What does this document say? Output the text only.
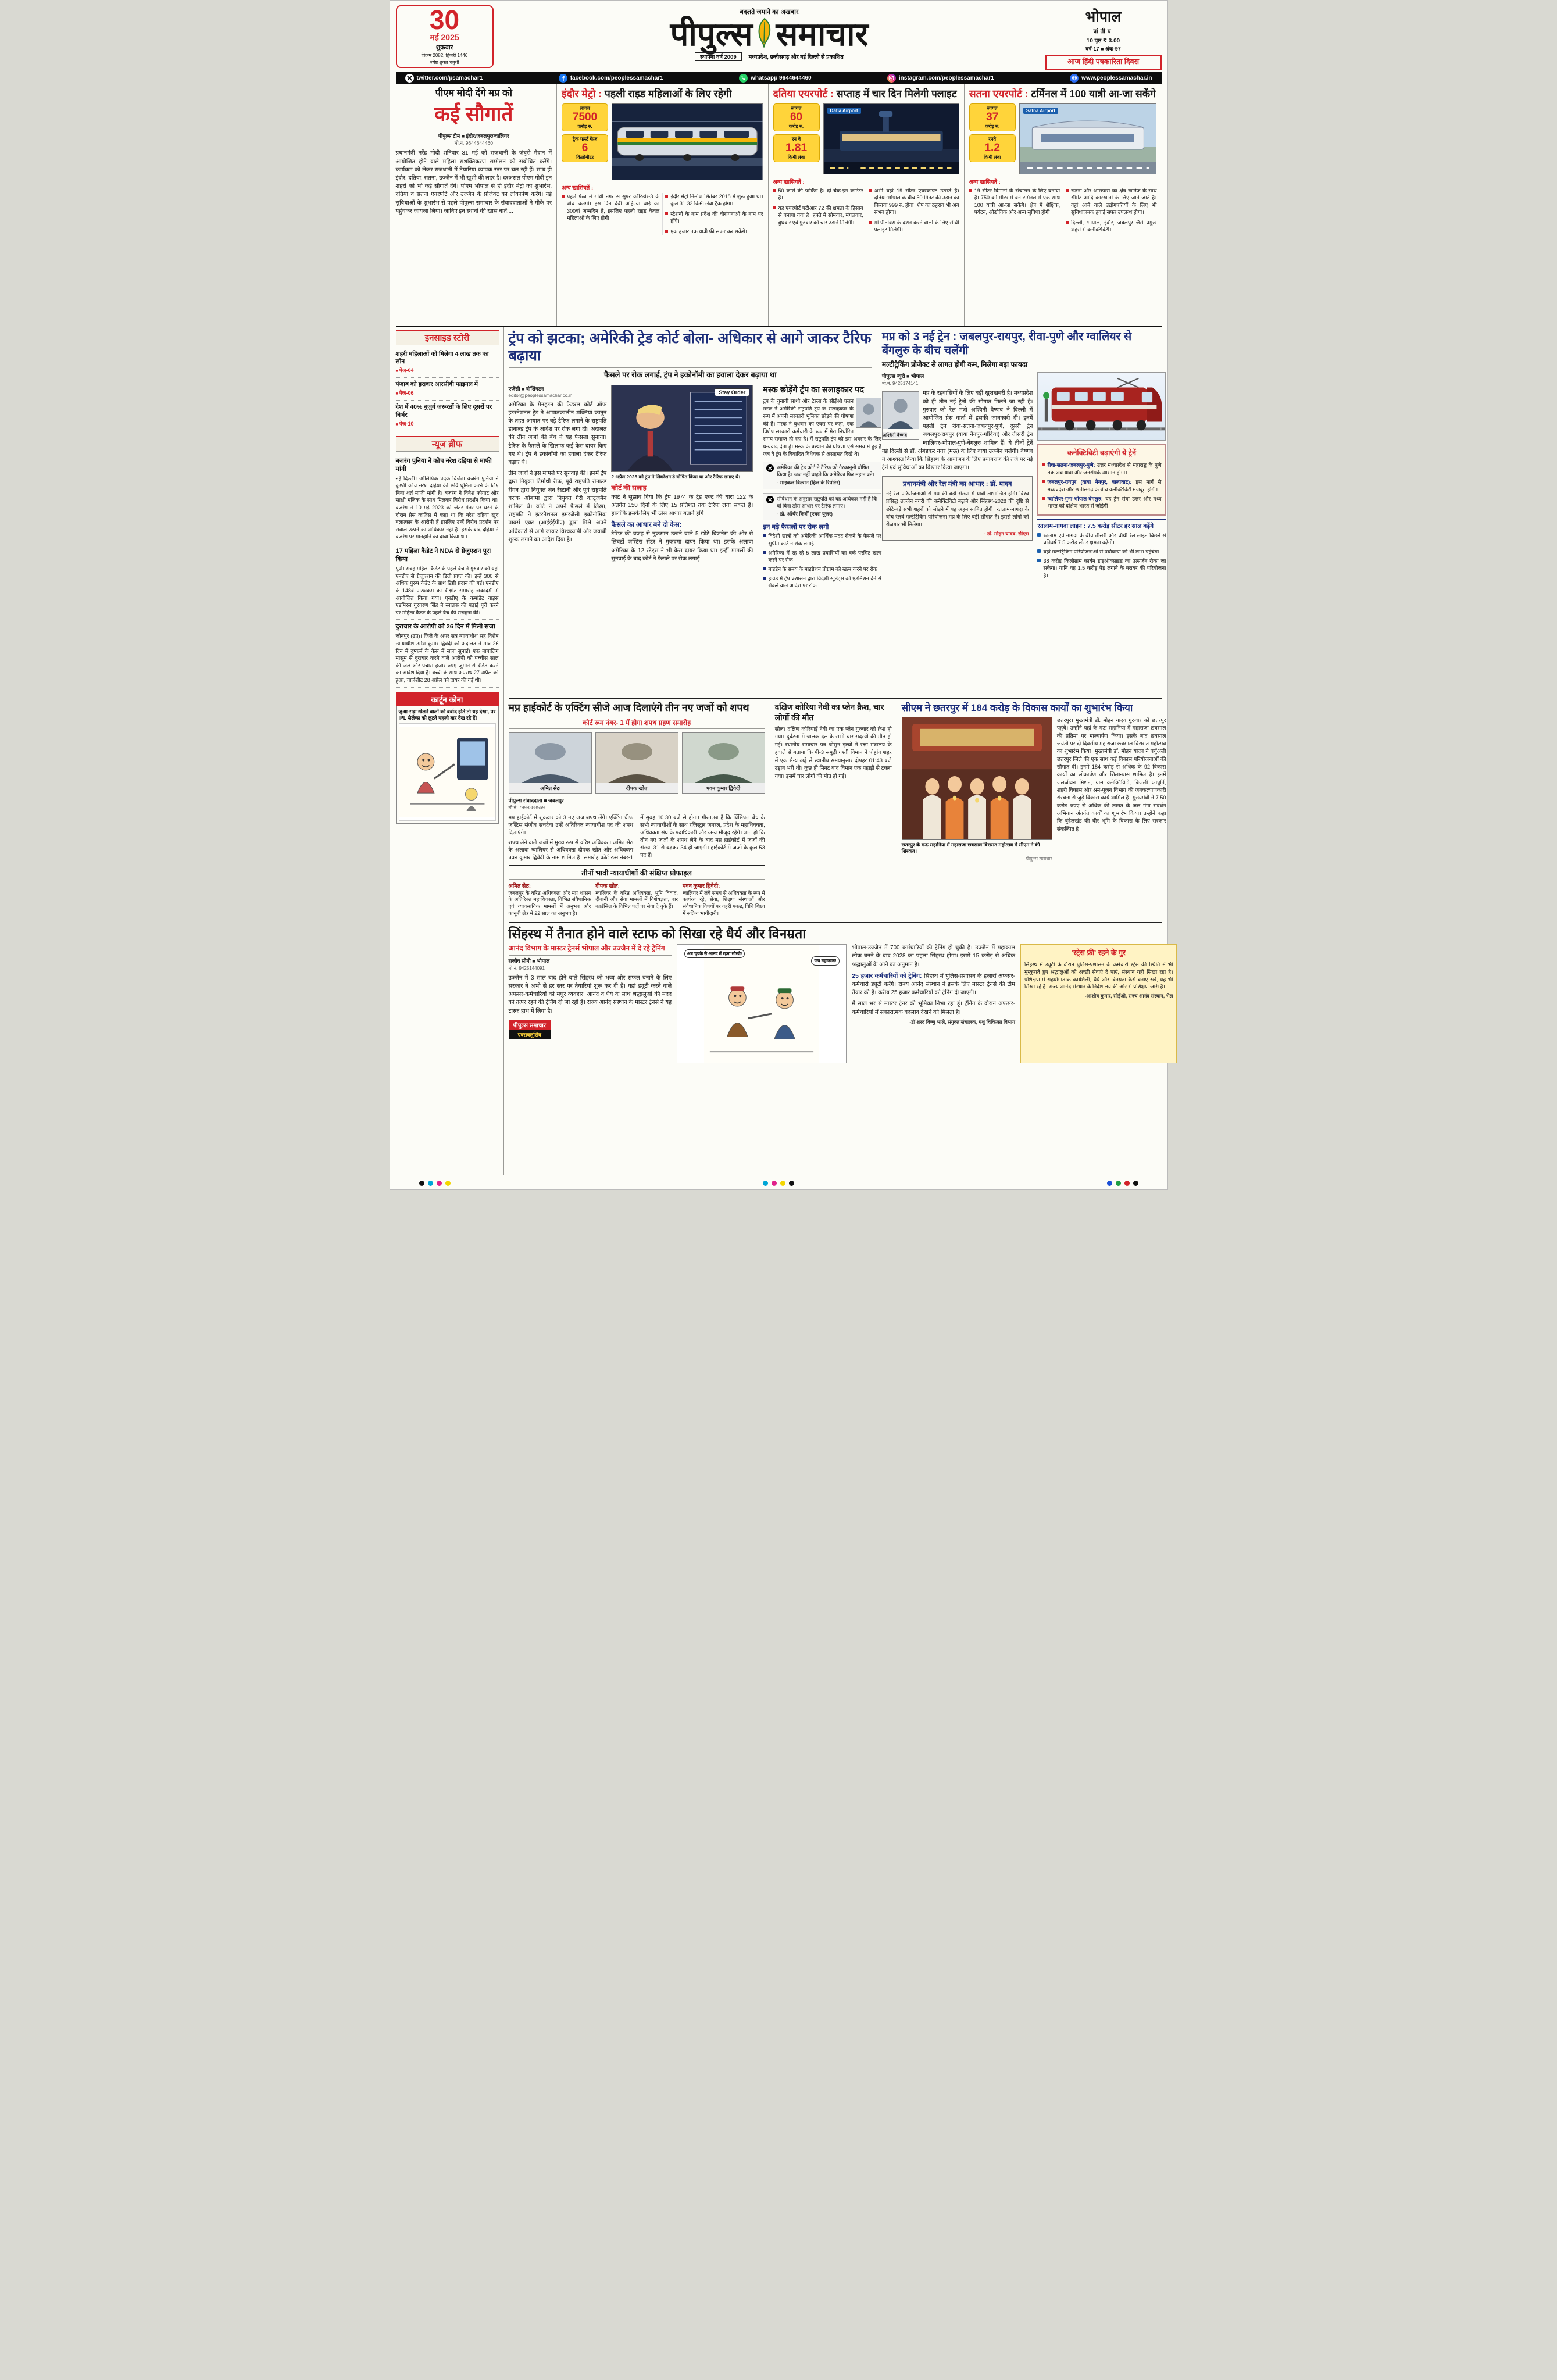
30
मई 2025
शुक्रवार
विक्रम 2082, हिजरी 1446
ज्येष्ठ शुक्ल चतुर्थी
बदलते जमाने का अखबार
पीपुल्स समाचार
स्थापना वर्ष 2009	मध्यप्रदेश, छत्तीसगढ़ और नई दिल्ली से प्रकाशित
भोपाल
प्रांतीय
10 पृष्ठ ₹ 3.00
वर्ष-17 ■ अंक-97
आज हिंदी पत्रकार‍िता दिवस
twitter.com/psamachar1	facebook.com/peoplessamachar1	whatsapp 9644644460	instagram.com/peoplessamachar1	www.peoplessamachar.in
पीएम मोदी देंगे मप्र को
कई सौगातें
पीपुल्स टीम ■ इंदौर/जबलपुर/ग्वालियर
मो.नं. 9644644460

प्रधानमंत्री नरेंद्र मोदी शनिवार 31 मई को राजधानी के जंबूरी मैदान में आयोजित होने वाले महिला सशक्तिकरण सम्मेलन को संबोधित करेंगे। कार्यक्रम को लेकर राजधानी में तैयारियां व्यापक स्तर पर चल रही हैं। साथ ही इंदौर, दतिया, सतना, उज्जैन में भी खुशी की लहर है। दरअसल पीएम मोदी इन शहरों को भी कई सौगातें देंगे। पीएम भोपाल से ही इंदौर मेट्रो का शुभारंभ, दतिया व सतना एयरपोर्ट और उज्जैन के प्रोजेक्ट का लोकार्पण करेंगे। नई सुविधाओं के शुभारंभ से पहले पीपुल्स समाचार के संवाददाताओं ने मौके पर पहुंचकर जायजा लिया। जानिए इन स्थानों की खास बातें....

इंदौर मेट्रो : पहली राइड महिलाओं के लिए रहेगी
लागत
7500
करोड़ रु.
ट्रैक फर्स्ट फेज
6
किलोमीटर
अन्य खासियतें :
पहले फेज में गांधी नगर से सुपर कॉरिडोर-3 के बीच चलेगी। इस दिन देवी अहिल्या बाई का 300वां जन्मदिन है, इसलिए पहली राइड केवल महिलाओं के लिए होगी।
इंदौर मेट्रो निर्माण सितंबर 2018 में शुरू हुआ था। कुल 31.32 किमी लंबा ट्रैक होगा।
स्टेशनों के नाम प्रदेश की वीरांगनाओं के नाम पर होंगे।
एक हजार तक यात्री फ्री सफर कर सकेंगे।
दतिया एयरपोर्ट : सप्ताह में चार दिन मिलेगी फ्लाइट
लागत
60
करोड़ रु.
रन वे
1.81
किमी लंबा
Datia Airport
अन्य खासियतें :
50 कारों की पार्किंग है। दो चेक-इन काउंटर हैं।
यह एयरपोर्ट एटीआर 72 की क्षमता के हिसाब से बनाया गया है। हफ्ते में सोमवार, मंगलवार, बुधवार एवं गुरुवार को चार उड़ानें मिलेंगी।
अभी यहां 19 सीटर एयरक्राफ्ट उतरते हैं। दतिया-भोपाल के बीच 50 मिनट की उड़ान का किराया 999 रु. होगा। शेष का ठहराव भी अब संभव होगा।
मां पीतांबरा के दर्शन करने वालों के लिए सीधी फ्लाइट मिलेगी।
सतना एयरपोर्ट : टर्मिनल में 100 यात्री आ-जा सकेंगे
लागत
37
करोड़ रु.
रनवे
1.2
किमी लंबा
Satna Airport
अन्य खासियतें :
19 सीटर विमानों के संचालन के लिए बनाया है। 750 वर्ग मीटर में बने टर्मिनल में एक साथ 100 यात्री आ-जा सकेंगे। क्षेत्र में शैक्षिक, पर्यटन, औद्योगिक और अन्य सुविधा होगी।
सतना और आसपास का क्षेत्र खनिज के साथ सीमेंट आदि कारखानों के लिए जाने जाते हैं। वहां आने वाले उद्योगपतियों के लिए भी सुविधाजनक हवाई सफर उपलब्ध होगा।
दिल्ली, भोपाल, इंदौर, जबलपुर जैसे प्रमुख शहरों से कनेक्टिविटी।
इनसाइड स्टोरी
शहरी महिलाओं को मिलेगा 4 लाख तक का लोन
■ पेज-04
पंजाब को हराकर आरसीबी फाइनल में
■ पेज-06
देश में 40% बुजुर्ग जरूरतों के लिए दूसरों पर निर्भर
■ पेज-10
न्यूज ब्रीफ
बजरंग पुनिया ने कोच नरेश दहिया से माफी मांगी

नई दिल्ली। ओलिंपिक पदक विजेता बजरंग पुनिया ने कुश्ती कोच नरेश दहिया की छवि धूमिल करने के लिए बिना शर्त माफी मांगी है। बजरंग ने विनेश फोगाट और साक्षी मलिक के साथ मिलकर विरोध प्रदर्शन किया था। बजरंग ने 10 मई 2023 को जंतर मंतर पर धरने के दौरान प्रेस कांफ्रेंस में कहा था कि नरेश दहिया खुद बलात्कार के आरोपी हैं इसलिए उन्हें विरोध प्रदर्शन पर सवाल उठाने का अधिकार नहीं है। इसके बाद दहिया ने बजरंग पर मानहानि का दावा किया था।

17 महिला कैडेट ने NDA से ग्रेजुएशन पूरा किया

पुणे। सत्रह महिला कैडेट के पहले बैच ने गुरुवार को यहां एनडीए से ग्रेजुएशन की डिग्री प्राप्त की। इन्हें 300 से अधिक पुरुष कैडेट के साथ डिग्री प्रदान की गई। एनडीए के 148वें पाठ्यक्रम का दीक्षांत समारोह अकादमी में आयोजित किया गया। एनडीए के कमांडेंट वाइस एडमिरल गुरचरण सिंह ने स्नातक की पढ़ाई पूरी करने पर महिला कैडेट के पहले बैच की सराहना की।

दुराचार के आरोपी को 26 दिन में मिली सजा

जौनपुर (उप्र)। जिले के अपर सत्र न्यायाधीश सह विशेष न्यायाधीश उमेश कुमार द्विवेदी की अदालत ने मात्र 26 दिन में दुष्कर्म के केस में सजा सुनाई। एक नाबालिग मासूम से दुराचार करने वाले आरोपी को पच्चीस साल की जेल और पचास हजार रुपए जुर्माने से दंडित करने का आदेश दिया है। बच्ची के साथ अपराध 27 अप्रैल को हुआ, चार्जशीट 28 अप्रैल को दायर की गई थी।

कार्टून कोना

जुआ-सट्टा खेलने वालों को बर्बाद होते तो यह देखा, पर IPL सेलेब्स को लुटते पहली बार देख रहे हैं!

ट्रंप को झटका; अमेरिकी ट्रेड कोर्ट बोला- अधिकार से आगे जाकर टैरिफ बढ़ाया
फैसले पर रोक लगाई, ट्रंप ने इकोनॉमी का हवाला देकर बढ़ाया था
एजेंसी ■ वॉशिंगटन
editor@peoplessamachar.co.in

अमेरिका के मैनहटन की फेडरल कोर्ट ऑफ इंटरनेशनल ट्रेड ने आपातकालीन शक्तियां कानून के तहत आयात पर बड़े टैरिफ लगाने के राष्ट्रपति डोनाल्ड ट्रंप के आदेश पर रोक लगा दी। अदालत की तीन जजों की बेंच ने यह फैसला सुनाया। टैरिफ के फैसले के खिलाफ कई केस दायर किए गए थे। ट्रंप ने इकोनॉमी का हवाला देकर टैरिफ बढ़ाए थे।

तीन जजों ने इस मामले पर सुनवाई की। इनमें ट्रंप द्वारा नियुक्त टिमोथी रीफ, पूर्व राष्ट्रपति रोनाल्ड रीगन द्वारा नियुक्त जेन रेस्टानी और पूर्व राष्ट्रपति बराक ओबामा द्वारा नियुक्त गैरी काट्जमैन शामिल थे। कोर्ट ने अपने फैसले में लिखा, राष्ट्रपति ने इंटरनेशनल इमरजेंसी इकोनॉमिक पावर्स एक्ट (आईईईपीए) द्वारा मिले अपने अधिकारों से आगे जाकर विश्वव्यापी और जवाबी शुल्क लगाने का आदेश दिया है।

Stay Order

2 अप्रैल 2025 को ट्रंप ने लिबरेशन डे घोषित किया था और टैरिफ लगाए थे।

कोर्ट की सलाह

कोर्ट ने सुझाव दिया कि ट्रंप 1974 के ट्रेड एक्ट की धारा 122 के अंतर्गत 150 दिनों के लिए 15 प्रतिशत तक टैरिफ लगा सकते हैं। हालांकि इसके लिए भी ठोस आधार बताने होंगे।

फैसले का आधार बने दो केस:

टैरिफ की वजह से नुकसान उठाने वाले 5 छोटे बिजनेस की ओर से लिबर्टी जस्टिस सेंटर ने मुकदमा दायर किया था। इसके अलावा अमेरिका के 12 स्टेट्स ने भी केस दायर किया था। इन्हीं मामलों की सुनवाई के बाद कोर्ट ने फैसले पर रोक लगाई।

मस्क छोड़ेंगे ट्रंप का सलाहकार पद

ट्रंप के चुनावी साथी और टेस्ला के सीईओ एलन मस्क ने अमेरिकी राष्ट्रपति ट्रंप के सलाहकार के रूप में अपनी सरकारी भूमिका छोड़ने की घोषणा की है। मस्क ने बुधवार को एक्स पर कहा, एक विशेष सरकारी कर्मचारी के रूप में मेरा निर्धारित समय समाप्त हो रहा है। मैं राष्ट्रपति ट्रंप को इस अवसर के लिए धन्यवाद देता हूं। मस्क के प्रस्थान की घोषणा ऐसे समय में हुई है जब वे ट्रंप के विवादित विधेयक से असहमत दिखे थे।

अमेरिका की ट्रेड कोर्ट ने टैरिफ को गैरकानूनी घोषित किया है। जज नहीं चाहते कि अमेरिका फिर महान बने।
- माइकल विल्सन (हिल के रिपोर्टर)
संविधान के अनुसार राष्ट्रपति को यह अधिकार नहीं है कि वो बिना ठोस आधार पर टैरिफ लगाए।
- डॉ. ऑर्थर किर्बी (एक्स यूजर)
इन बड़े फैसलों पर रोक लगी
विदेशी छात्रों को अमेरिकी आर्थिक मदद रोकने के फैसले पर सुप्रीम कोर्ट ने रोक लगाई
अमेरिका में रह रहे 5 लाख प्रवासियों का वर्क परमिट खत्म करने पर रोक
बाइडेन के समय के माइग्रेशन प्रोग्राम को खत्म करने पर रोक
हार्वर्ड में ट्रंप प्रशासन द्वारा विदेशी स्टूडेंट्स को एडमिशन देने से रोकने वाले आदेश पर रोक
मप्र को 3 नई ट्रेन : जबलपुर-रायपुर, रीवा-पुणे और ग्वालियर से बेंगलुरु के बीच चलेंगी
मल्टीट्रैकिंग प्रोजेक्ट से लागत होगी कम, मिलेगा बड़ा फायदा
पीपुल्स ब्यूरो ■ भोपाल
मो.नं. 9425174141
अश्विनी वैष्णव

मप्र के रहवासियों के लिए बड़ी खुशखबरी है। मध्यप्रदेश को ही तीन नई ट्रेनों की सौगात मिलने जा रही है। गुरुवार को रेल मंत्री अश्विनी वैष्णव ने दिल्ली में आयोजित प्रेस वार्ता में इसकी जानकारी दी। इनमें पहली ट्रेन रीवा-सतना-जबलपुर-पुणे, दूसरी ट्रेन जबलपुर-रायपुर (वाया नैनपुर-गोंदिया) और तीसरी ट्रेन ग्वालियर-भोपाल-पुणे-बेंगलुरु शामिल हैं। ये तीनों ट्रेनें नई दिल्ली से डॉ. अंबेडकर नगर (मऊ) के लिए वाया उज्जैन चलेंगी। वैष्णव ने आश्वस्त किया कि सिंहस्थ के आयोजन के लिए प्रयागराज की तर्ज पर नई ट्रेनें एवं सुविधाओं का विस्तार किया जाएगा।

प्रधानमंत्री और रेल मंत्री का आभार : डॉ. यादव

नई रेल परियोजनाओं से मप्र की बड़ी संख्या में यात्री लाभान्वित होंगे। विश्व प्रसिद्ध उज्जैन नगरी की कनेक्टिविटी बढ़ाने और सिंहस्थ-2028 की दृष्टि से छोटे-बड़े सभी शहरों को जोड़ने में यह अहम साबित होगी। रतलाम-नागदा के बीच रेलवे मल्टीट्रैकिंग परियोजना मप्र के लिए बड़ी सौगात है। इससे लोगों को रोजगार भी मिलेगा।

- डॉ. मोहन यादव, सीएम
कनेक्टिविटी बढ़ाएंगी ये ट्रेनें
रीवा-सतना-जबलपुर-पुणे: उत्तर मध्यप्रदेश से महाराष्ट्र के पुणे तक अब यात्रा और जनसंपर्क आसान होगा।
जबलपुर-रायपुर (वाया नैनपुर, बालाघाट): इस मार्ग से मध्यप्रदेश और छत्तीसगढ़ के बीच कनेक्टिविटी मजबूत होगी।
ग्वालियर-गुना-भोपाल-बेंगलुरु: यह ट्रेन सेवा उत्तर और मध्य भारत को दक्षिण भारत से जोड़ेगी।
रतलाम-नागदा लाइन : 7.5 करोड़ सीटर हर साल बढ़ेंगे
रतलाम एवं नागदा के बीच तीसरी और चौथी रेल लाइन बिछने से प्रतिवर्ष 7.5 करोड़ सीटर क्षमता बढ़ेगी।
यहां मल्टीट्रैकिंग परियोजनाओं से पर्यावरण को भी लाभ पहुंचेगा।
38 करोड़ किलोग्राम कार्बन डाइऑक्साइड का उत्सर्जन रोका जा सकेगा। यानि यह 1.5 करोड़ पेड़ लगाने के बराबर की परियोजना है।
मप्र हाईकोर्ट के एक्टिंग सीजे आज दिलाएंगे तीन नए जजों को शपथ
कोर्ट रूम नंबर- 1 में होगा शपथ ग्रहण समारोह
अमित सेठ	दीपक खोत	पवन कुमार द्विवेदी
पीपुल्स संवाददाता ■ जबलपुर
मो.नं. 7999388569

मप्र हाईकोर्ट में शुक्रवार को 3 नए जज शपथ लेंगे। एक्टिंग चीफ जस्टिस संजीव सचदेवा उन्हें अतिरिक्त न्यायाधीश पद की शपथ दिलाएंगे।

शपथ लेने वाले जजों में मुख्य रूप से वरिष्ठ अधिवक्ता अमित सेठ के अलावा ग्वालियर से अधिवक्ता दीपक खोत और अधिवक्ता पवन कुमार द्विवेदी के नाम शामिल हैं। समारोह कोर्ट रूम नंबर-1 में सुबह 10.30 बजे से होगा। गौरतलब है कि प्रिंसिपल बेंच के सभी न्यायाधीशों के साथ रजिस्ट्रार जनरल, प्रदेश के महाधिवक्ता, अधिवक्ता संघ के पदाधिकारी और अन्य मौजूद रहेंगे। ज्ञात हो कि तीन नए जजों के शपथ लेने के बाद मप्र हाईकोर्ट में जजों की संख्या 31 से बढ़कर 34 हो जाएगी। हाईकोर्ट में जजों के कुल 53 पद हैं।

तीनों भावी न्यायाधीशों की संक्षिप्त प्रोफाइल
अमित सेठ:

जबलपुर के वरिष्ठ अधिवक्ता और मप्र शासन के अतिरिक्त महाधिवक्ता, विभिन्न संवैधानिक एवं व्यावसायिक मामलों में अनुभव और कानूनी क्षेत्र में 22 साल का अनुभव है।

दीपक खोत:

ग्वालियर के वरिष्ठ अधिवक्ता, भूमि विवाद, दीवानी और सेवा मामलों में विशेषज्ञता, बार काउंसिल के विभिन्न पदों पर सेवा दे चुके हैं।

पवन कुमार द्विवेदी:

ग्वालियर में लंबे समय से अधिवक्ता के रूप में कार्यरत रहे, सेवा, शिक्षण संस्थाओं और संवैधानिक विषयों पर गहरी पकड़, विधि शिक्षा में सक्रिय भागीदारी।

दक्षिण कोरिया नेवी का प्लेन क्रैश, चार लोगों की मौत

सोल। दक्षिण कोरियाई नेवी का एक प्लेन गुरुवार को क्रैश हो गया। दुर्घटना में चालक दल के सभी चार सदस्यों की मौत हो गई। स्थानीय समाचार पत्र चोसुन इल्बो ने रक्षा मंत्रालय के हवाले से बताया कि पी-3 समुद्री गश्ती विमान ने पोहांग शहर में एक सैन्य अड्डे से स्थानीय समयानुसार दोपहर 01:43 बजे उड़ान भरी थी। कुछ ही मिनट बाद विमान एक पहाड़ी से टकरा गया। इसमें चार लोगों की मौत हो गई।

सीएम ने छतरपुर में 184 करोड़ के विकास कार्यों का शुभारंभ किया

छतरपुर के मऊ सहानिया में महाराजा छत्रसाल विरासत महोत्सव में सीएम ने की शिरकत।

पीपुल्स समाचार

छतरपुर। मुख्यमंत्री डॉ. मोहन यादव गुरुवार को छतरपुर पहुंचे। उन्होंने यहां के मऊ सहानिया में महाराजा छत्रसाल की प्रतिमा पर माल्यार्पण किया। इसके बाद छत्रसाल जयंती पर दो दिवसीय महाराजा छत्रसाल विरासत महोत्सव का शुभारंभ किया। मुख्यमंत्री डॉ. मोहन यादव ने वर्चुअली छतरपुर जिले की एक साथ कई विकास परियोजनाओं की सौगात दी। इनमें 184 करोड़ से अधिक के 92 विकास कार्यों का लोकार्पण और शिलान्यास शामिल है। इनमें जलजीवन मिशन, ग्राम कनेक्टिविटी, बिजली आपूर्ति, शहरी विकास और श्रम-पूजन विभाग की जनकल्याणकारी संरचना से जुड़े विकास कार्य शामिल हैं। मुख्यमंत्री ने 7.50 करोड़ रुपए से अधिक की लागत के जल गंगा संवर्धन अभियान अंतर्गत कार्यों का शुभारंभ किया। उन्होंने कहा कि बुंदेलखंड की वीर भूमि के विकास के लिए सरकार संकल्पित है।

सिंहस्थ में तैनात होने वाले स्टाफ को सिखा रहे धैर्य और विनम्रता
आनंद विभाग के मास्टर ट्रेनर्स भोपाल और उज्जैन में दे रहे ट्रेनिंग
राजीव सोनी ■ भोपाल
मो.नं. 9425144091

उज्जैन में 3 साल बाद होने वाले सिंहस्थ को भव्य और सफल बनाने के लिए सरकार ने अभी से हर स्तर पर तैयारियां शुरू कर दी हैं। यहां ड्यूटी करने वाले अफसर-कर्मचारियों को मधुर व्यवहार, आनंद व धैर्य के साथ श्रद्धालुओं की मदद को तत्पर रहने की ट्रेनिंग दी जा रही है। राज्य आनंद संस्थान के मास्टर ट्रेनर्स ने यह टास्क हाथ में लिया है।

पीपुल्स समाचार
एक्सक्लुसिव
अब चुपके से आनंद में रहना सीखो!
जय महाकाल!

भोपाल-उज्जैन में 700 कर्मचारियों की ट्रेनिंग हो चुकी है। उज्जैन में महाकाल लोक बनने के बाद 2028 का पहला सिंहस्थ होगा। इसमें 15 करोड़ से अधिक श्रद्धालुओं के आने का अनुमान है।

25 हजार कर्मचारियों को ट्रेनिंग: सिंहस्थ में पुलिस-प्रशासन के हजारों अफसर-कर्मचारी ड्यूटी करेंगे। राज्य आनंद संस्थान ने इसके लिए मास्टर ट्रेनर्स की टीम तैयार की है। करीब 25 हजार कर्मचारियों को ट्रेनिंग दी जाएगी।

मैं साल भर से मास्टर ट्रेनर की भूमिका निभा रहा हूं। ट्रेनिंग के दौरान अफसर-कर्मचारियों में सकारात्मक बदलाव देखने को मिलता है।

-डॉ शरद विष्णु भाले, संयुक्त संचालक, पशु चिकित्सा विभाग
'स्ट्रेस फ्री' रहने के गुर

सिंहस्थ में ड्यूटी के दौरान पुलिस-प्रशासन के कर्मचारी स्ट्रेस की स्थिति में भी मुस्कुराते हुए श्रद्धालुओं को अच्छी सेवाएं दे पाएं, संस्थान यही सिखा रहा है। प्रशिक्षण में सहयोगात्मक कार्यशैली, धैर्य और विनम्रता कैसे बनाए रखें, यह भी सिखा रहे हैं। राज्य आनंद संस्थान के निदेशालय की ओर से प्रशिक्षण जारी है।

-आशीष कुमार, सीईओ, राज्य आनंद संस्थान, भेल
